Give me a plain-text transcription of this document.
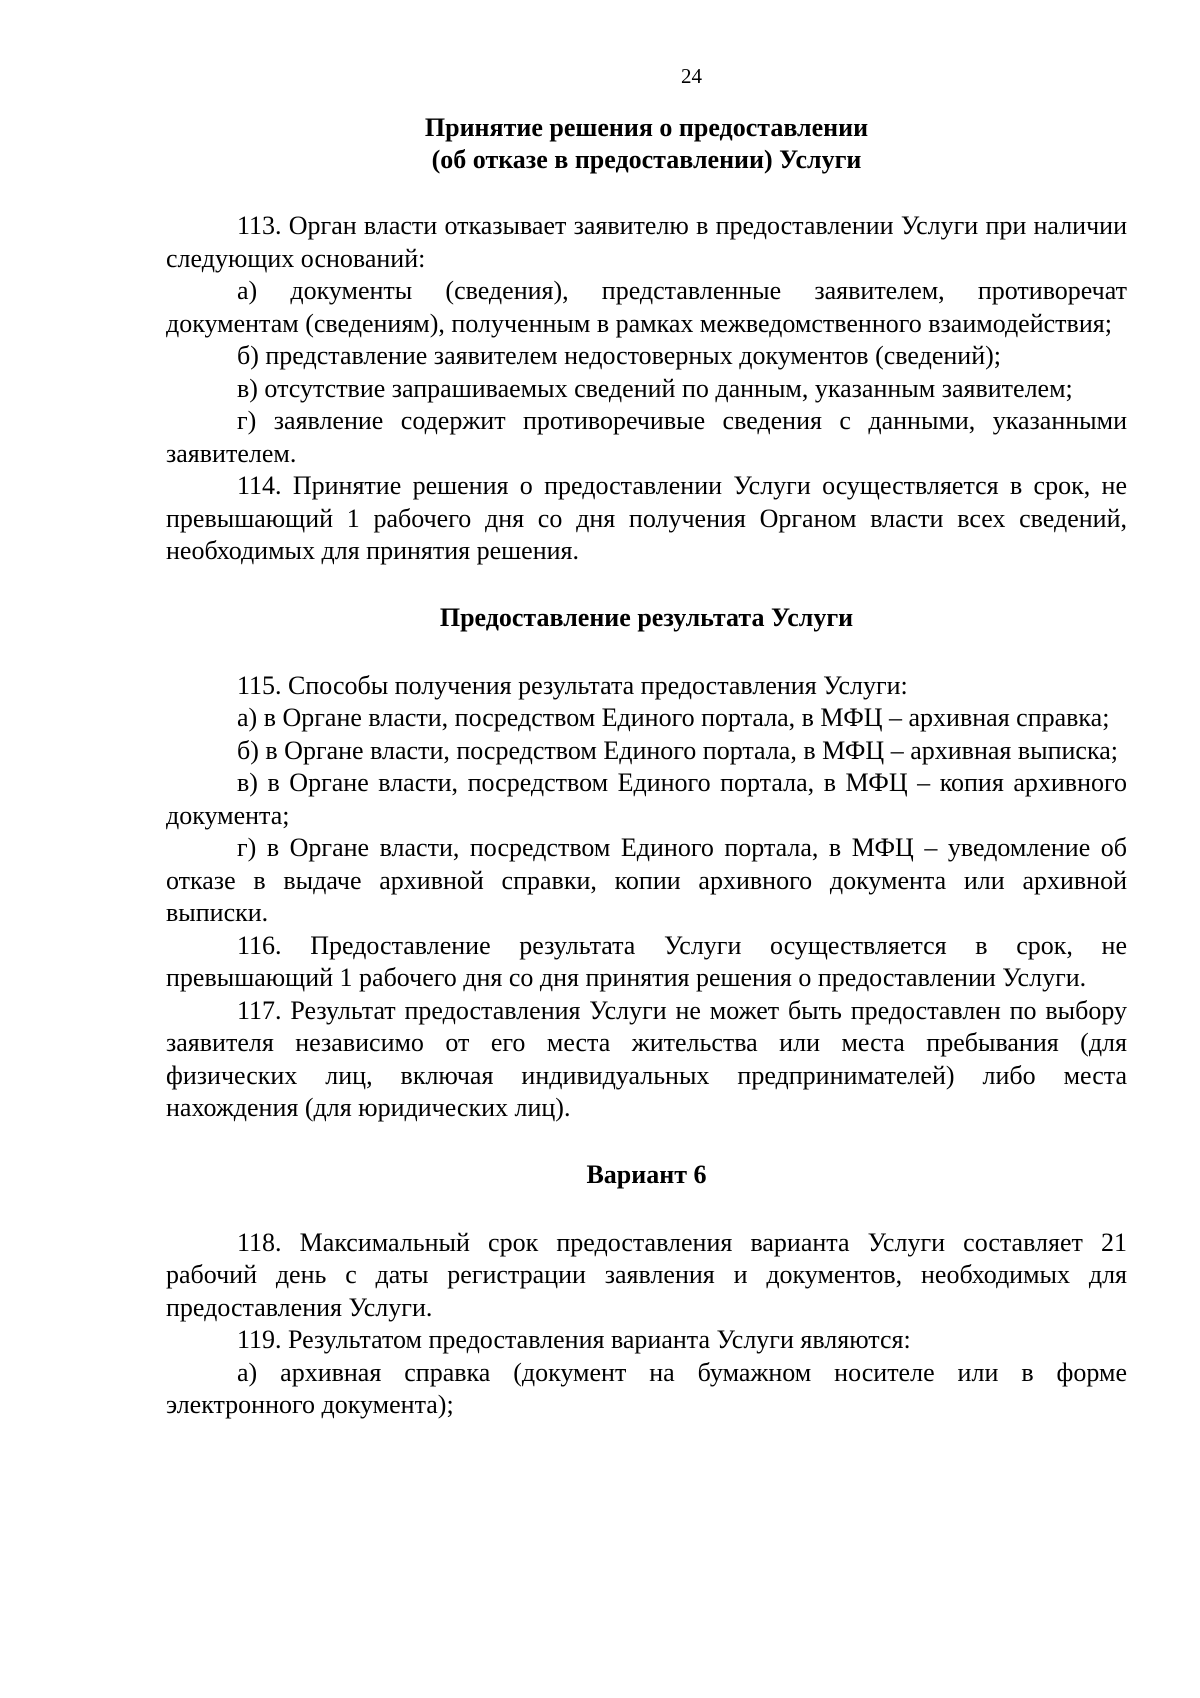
24

Принятие решения о предоставлении

(об отказе в предоставлении) Услуги

113. Орган власти отказывает заявителю в предоставлении Услуги при наличии следующих оснований:

а) документы (сведения), представленные заявителем, противоречат документам (сведениям), полученным в рамках межведомственного взаимодействия;

б) представление заявителем недостоверных документов (сведений);

в) отсутствие запрашиваемых сведений по данным, указанным заявителем;

г) заявление содержит противоречивые сведения с данными, указанными заявителем.

114. Принятие решения о предоставлении Услуги осуществляется в срок, не превышающий 1 рабочего дня со дня получения Органом власти всех сведений, необходимых для принятия решения.

Предоставление результата Услуги

115. Способы получения результата предоставления Услуги:

а) в Органе власти, посредством Единого портала, в МФЦ – архивная справка;

б) в Органе власти, посредством Единого портала, в МФЦ – архивная выписка;

в) в Органе власти, посредством Единого портала, в МФЦ – копия архивного документа;

г) в Органе власти, посредством Единого портала, в МФЦ – уведомление об отказе в выдаче архивной справки, копии архивного документа или архивной выписки.

116. Предоставление результата Услуги осуществляется в срок, не превышающий 1 рабочего дня со дня принятия решения о предоставлении Услуги.

117. Результат предоставления Услуги не может быть предоставлен по выбору заявителя независимо от его места жительства или места пребывания (для физических лиц, включая индивидуальных предпринимателей) либо места нахождения (для юридических лиц).

Вариант 6

118. Максимальный срок предоставления варианта Услуги составляет 21 рабочий день с даты регистрации заявления и документов, необходимых для предоставления Услуги.

119. Результатом предоставления варианта Услуги являются:

а) архивная справка (документ на бумажном носителе или в форме электронного документа);
